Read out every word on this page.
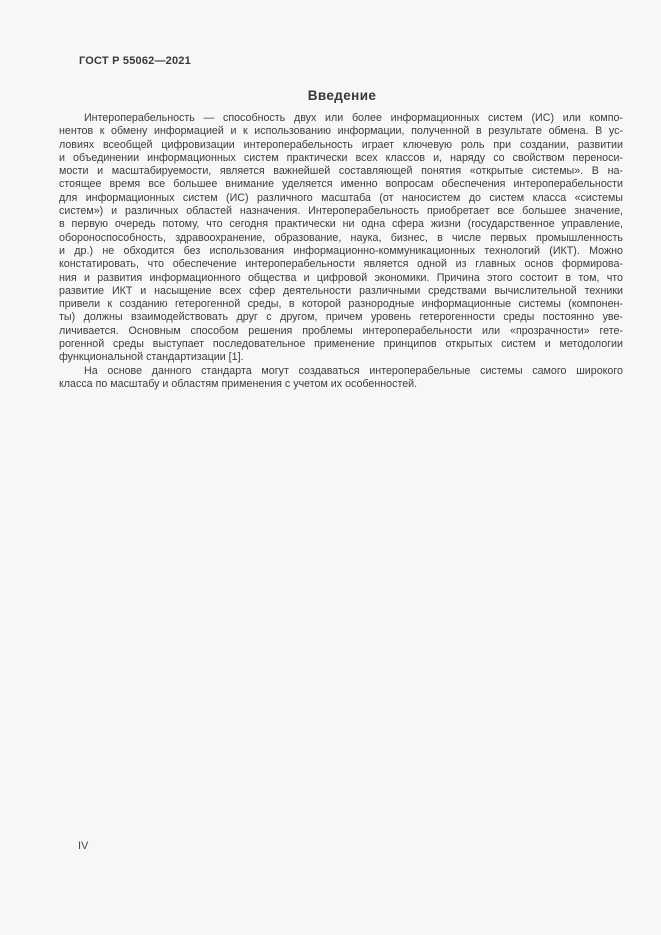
ГОСТ Р 55062—2021
Введение
Интероперабельность — способность двух или более информационных систем (ИС) или компо-
нентов к обмену информацией и к использованию информации, полученной в результате обмена. В ус-
ловиях всеобщей цифровизации интероперабельность играет ключевую роль при создании, развитии
и объединении информационных систем практически всех классов и, наряду со свойством переноси-
мости и масштабируемости, является важнейшей составляющей понятия «открытые системы». В на-
стоящее время все большее внимание уделяется именно вопросам обеспечения интероперабельности
для информационных систем (ИС) различного масштаба (от наносистем до систем класса «системы
систем») и различных областей назначения. Интероперабельность приобретает все большее значение,
в первую очередь потому, что сегодня практически ни одна сфера жизни (государственное управление,
обороноспособность, здравоохранение, образование, наука, бизнес, в числе первых промышленность
и др.) не обходится без использования информационно-коммуникационных технологий (ИКТ). Можно
констатировать, что обеспечение интероперабельности является одной из главных основ формирова-
ния и развития информационного общества и цифровой экономики. Причина этого состоит в том, что
развитие ИКТ и насыщение всех сфер деятельности различными средствами вычислительной техники
привели к созданию гетерогенной среды, в которой разнородные информационные системы (компонен-
ты) должны взаимодействовать друг с другом, причем уровень гетерогенности среды постоянно уве-
личивается. Основным способом решения проблемы интероперабельности или «прозрачности» гете-
рогенной среды выступает последовательное применение принципов открытых систем и методологии
функциональной стандартизации [1].
На основе данного стандарта могут создаваться интероперабельные системы самого широкого
класса по масштабу и областям применения с учетом их особенностей.
IV
